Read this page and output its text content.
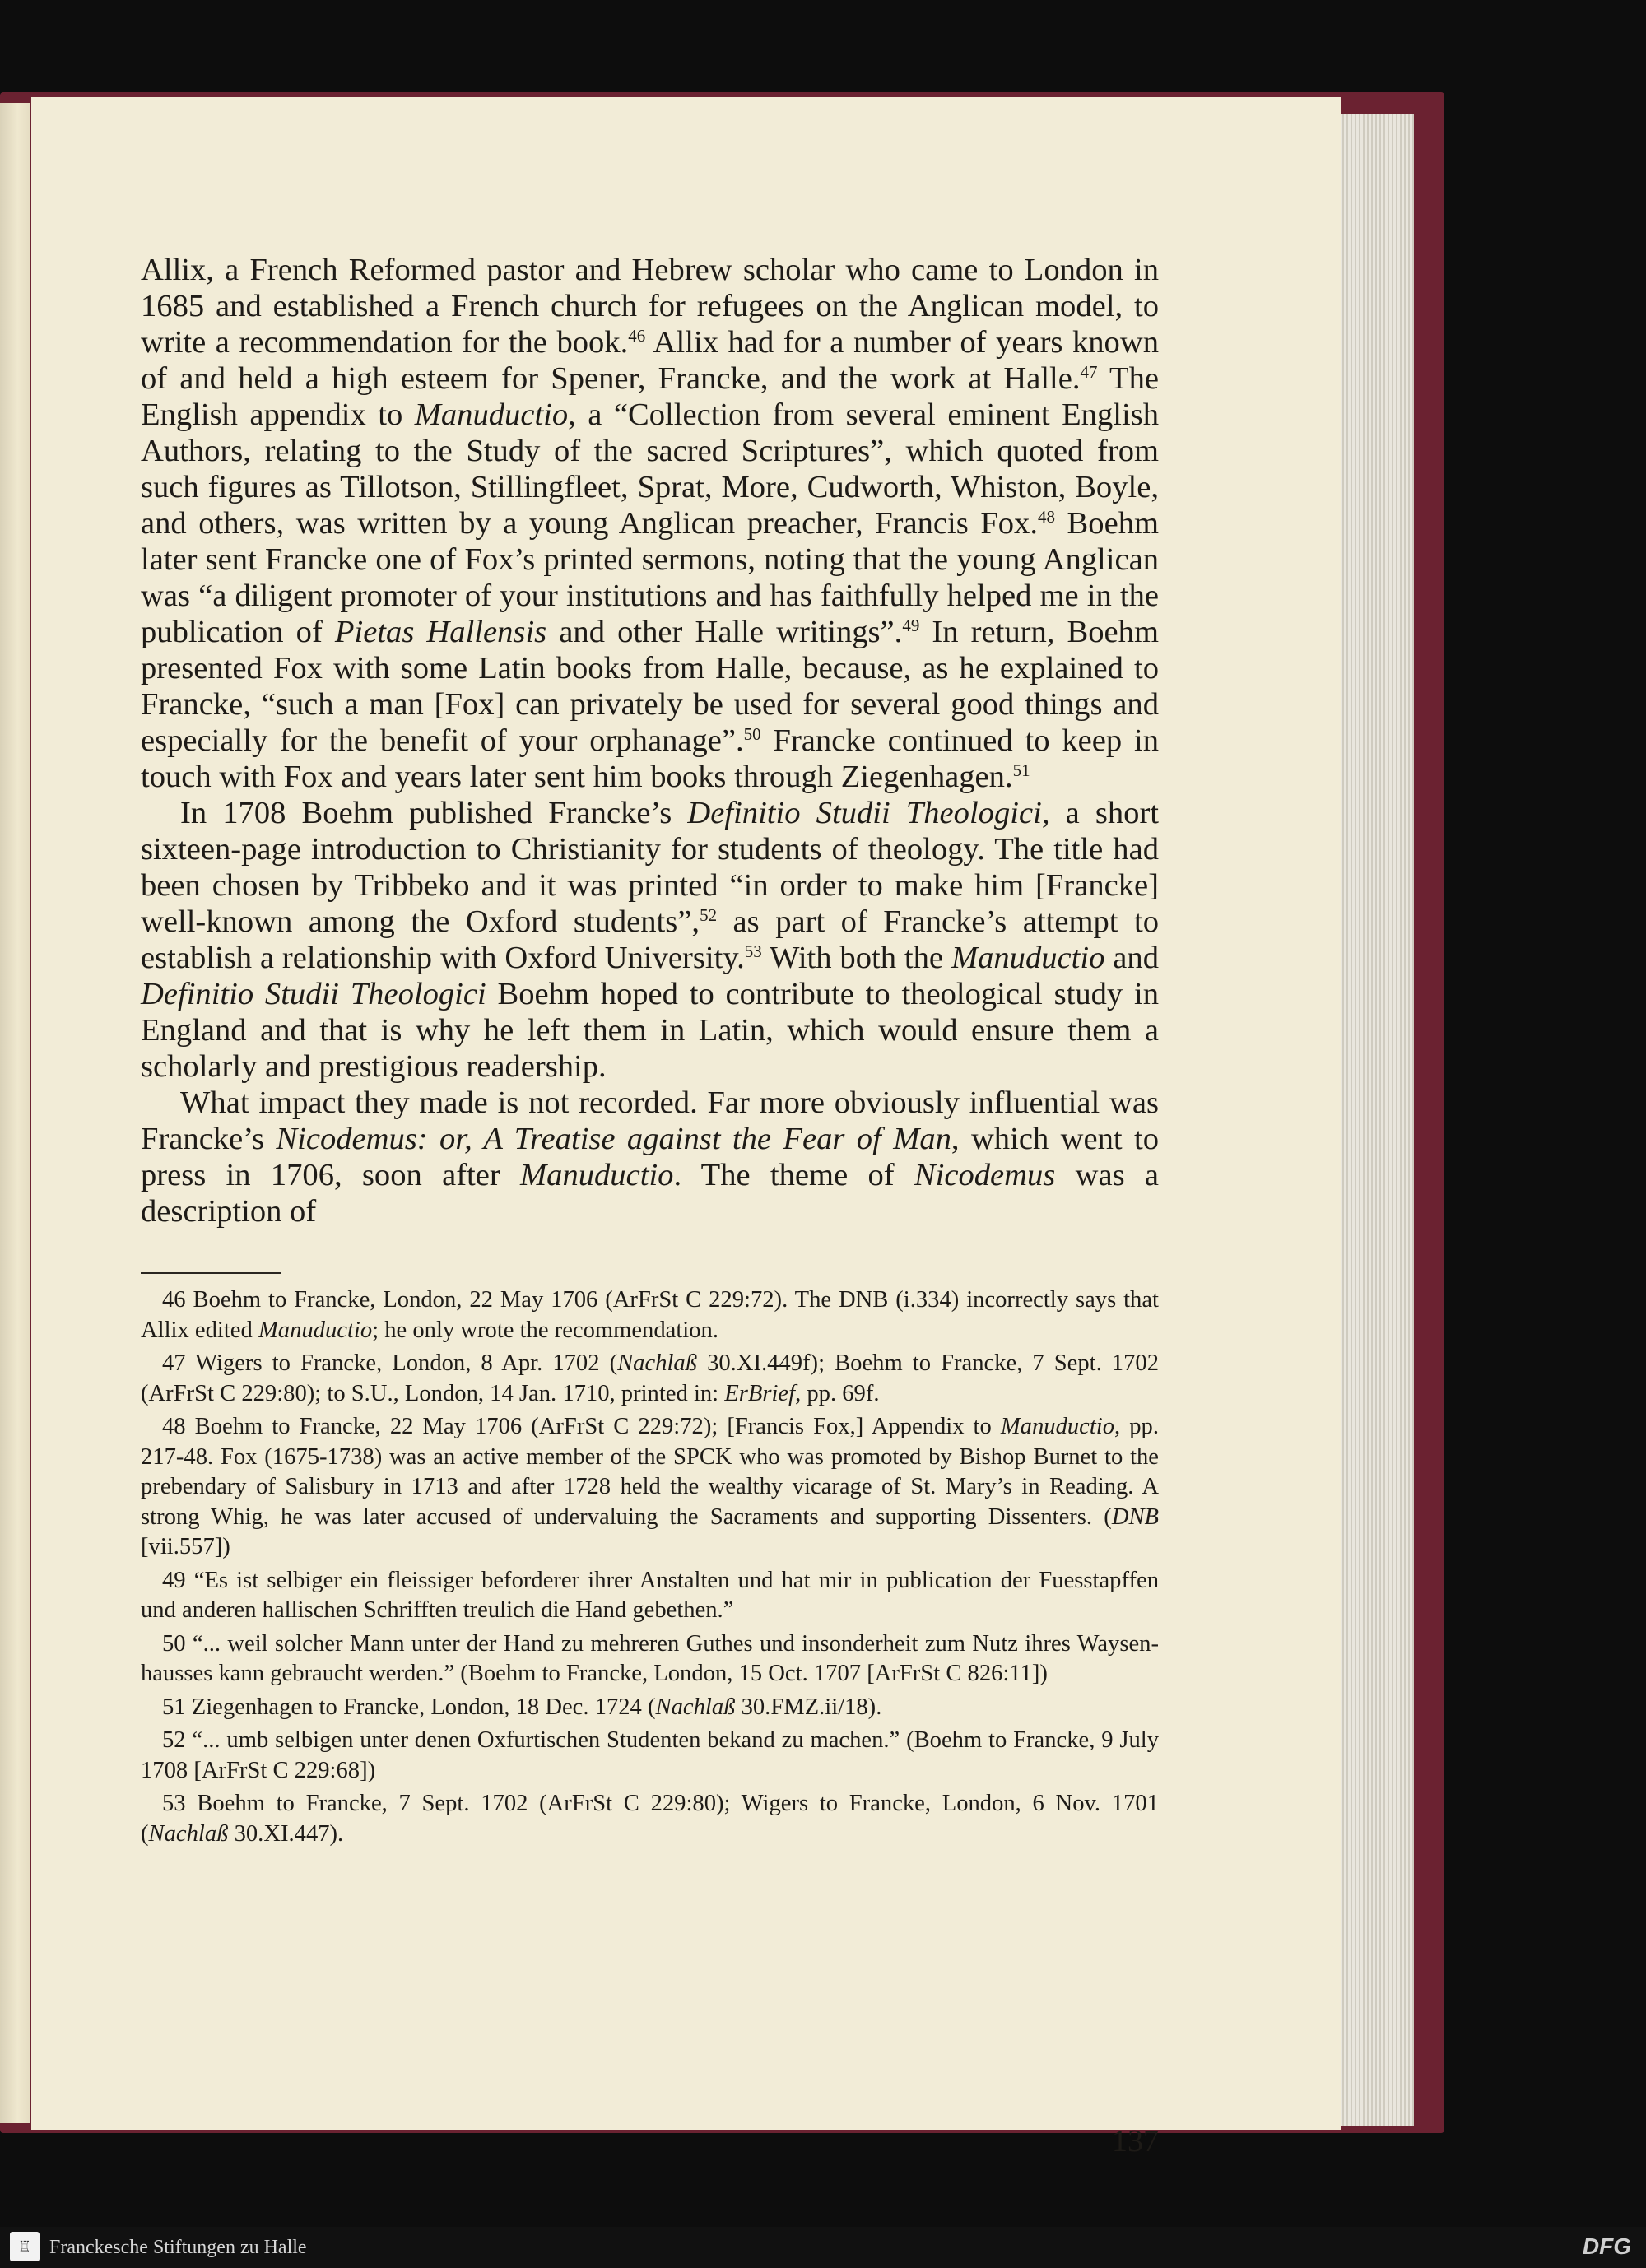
Allix, a French Reformed pastor and Hebrew scholar who came to London in 1685 and established a French church for refugees on the Anglican model, to write a recommendation for the book.$^{46}$ Allix had for a number of years known of and held a high esteem for Spener, Francke, and the work at Halle.$^{47}$ The English appendix to Manuductio, a “Collection from several eminent English Authors, relating to the Study of the sacred Scriptures”, which quoted from such figures as Tillotson, Stillingfleet, Sprat, More, Cudworth, Whiston, Boyle, and others, was written by a young Anglican preacher, Francis Fox.$^{48}$ Boehm later sent Francke one of Fox’s printed sermons, noting that the young Anglican was “a diligent promoter of your institutions and has faithfully helped me in the publication of Pietas Hallensis and other Halle writings”.$^{49}$ In return, Boehm presented Fox with some Latin books from Halle, because, as he explained to Francke, “such a man [Fox] can privately be used for several good things and especially for the benefit of your orphanage”.$^{50}$ Francke continued to keep in touch with Fox and years later sent him books through Ziegenhagen.$^{51}$

In 1708 Boehm published Francke’s Definitio Studii Theologici, a short sixteen-page introduction to Christianity for students of theology. The title had been chosen by Tribbeko and it was printed “in order to make him [Francke] well-known among the Oxford students”,$^{52}$ as part of Francke’s attempt to establish a relationship with Oxford University.$^{53}$ With both the Manuductio and Definitio Studii Theologici Boehm hoped to contribute to theological study in England and that is why he left them in Latin, which would ensure them a scholarly and prestigious readership.

What impact they made is not recorded. Far more obviously influential was Francke’s Nicodemus: or, A Treatise against the Fear of Man, which went to press in 1706, soon after Manuductio. The theme of Nicodemus was a description of

46 Boehm to Francke, London, 22 May 1706 (ArFrSt C 229:72). The DNB (i.334) incorrectly says that Allix edited Manuductio; he only wrote the recommendation.

47 Wigers to Francke, London, 8 Apr. 1702 (Nachlaß 30.XI.449f); Boehm to Francke, 7 Sept. 1702 (ArFrSt C 229:80); to S.U., London, 14 Jan. 1710, printed in: ErBrief, pp. 69f.

48 Boehm to Francke, 22 May 1706 (ArFrSt C 229:72); [Francis Fox,] Appendix to Manuductio, pp. 217-48. Fox (1675-1738) was an active member of the SPCK who was promoted by Bishop Burnet to the prebendary of Salisbury in 1713 and after 1728 held the wealthy vicarage of St. Mary’s in Reading. A strong Whig, he was later accused of undervaluing the Sacraments and supporting Dissenters. (DNB [vii.557])

49 “Es ist selbiger ein fleissiger beforderer ihrer Anstalten und hat mir in publication der Fuesstapffen und anderen hallischen Schrifften treulich die Hand gebethen.”

50 “... weil solcher Mann unter der Hand zu mehreren Guthes und insonderheit zum Nutz ihres Waysen-hausses kann gebraucht werden.” (Boehm to Francke, London, 15 Oct. 1707 [ArFrSt C 826:11])

51 Ziegenhagen to Francke, London, 18 Dec. 1724 (Nachlaß 30.FMZ.ii/18).

52 “... umb selbigen unter denen Oxfurtischen Studenten bekand zu machen.” (Boehm to Francke, 9 July 1708 [ArFrSt C 229:68])

53 Boehm to Francke, 7 Sept. 1702 (ArFrSt C 229:80); Wigers to Francke, London, 6 Nov. 1701 (Nachlaß 30.XI.447).

137
♖ Franckesche Stiftungen zu Halle	DFG
